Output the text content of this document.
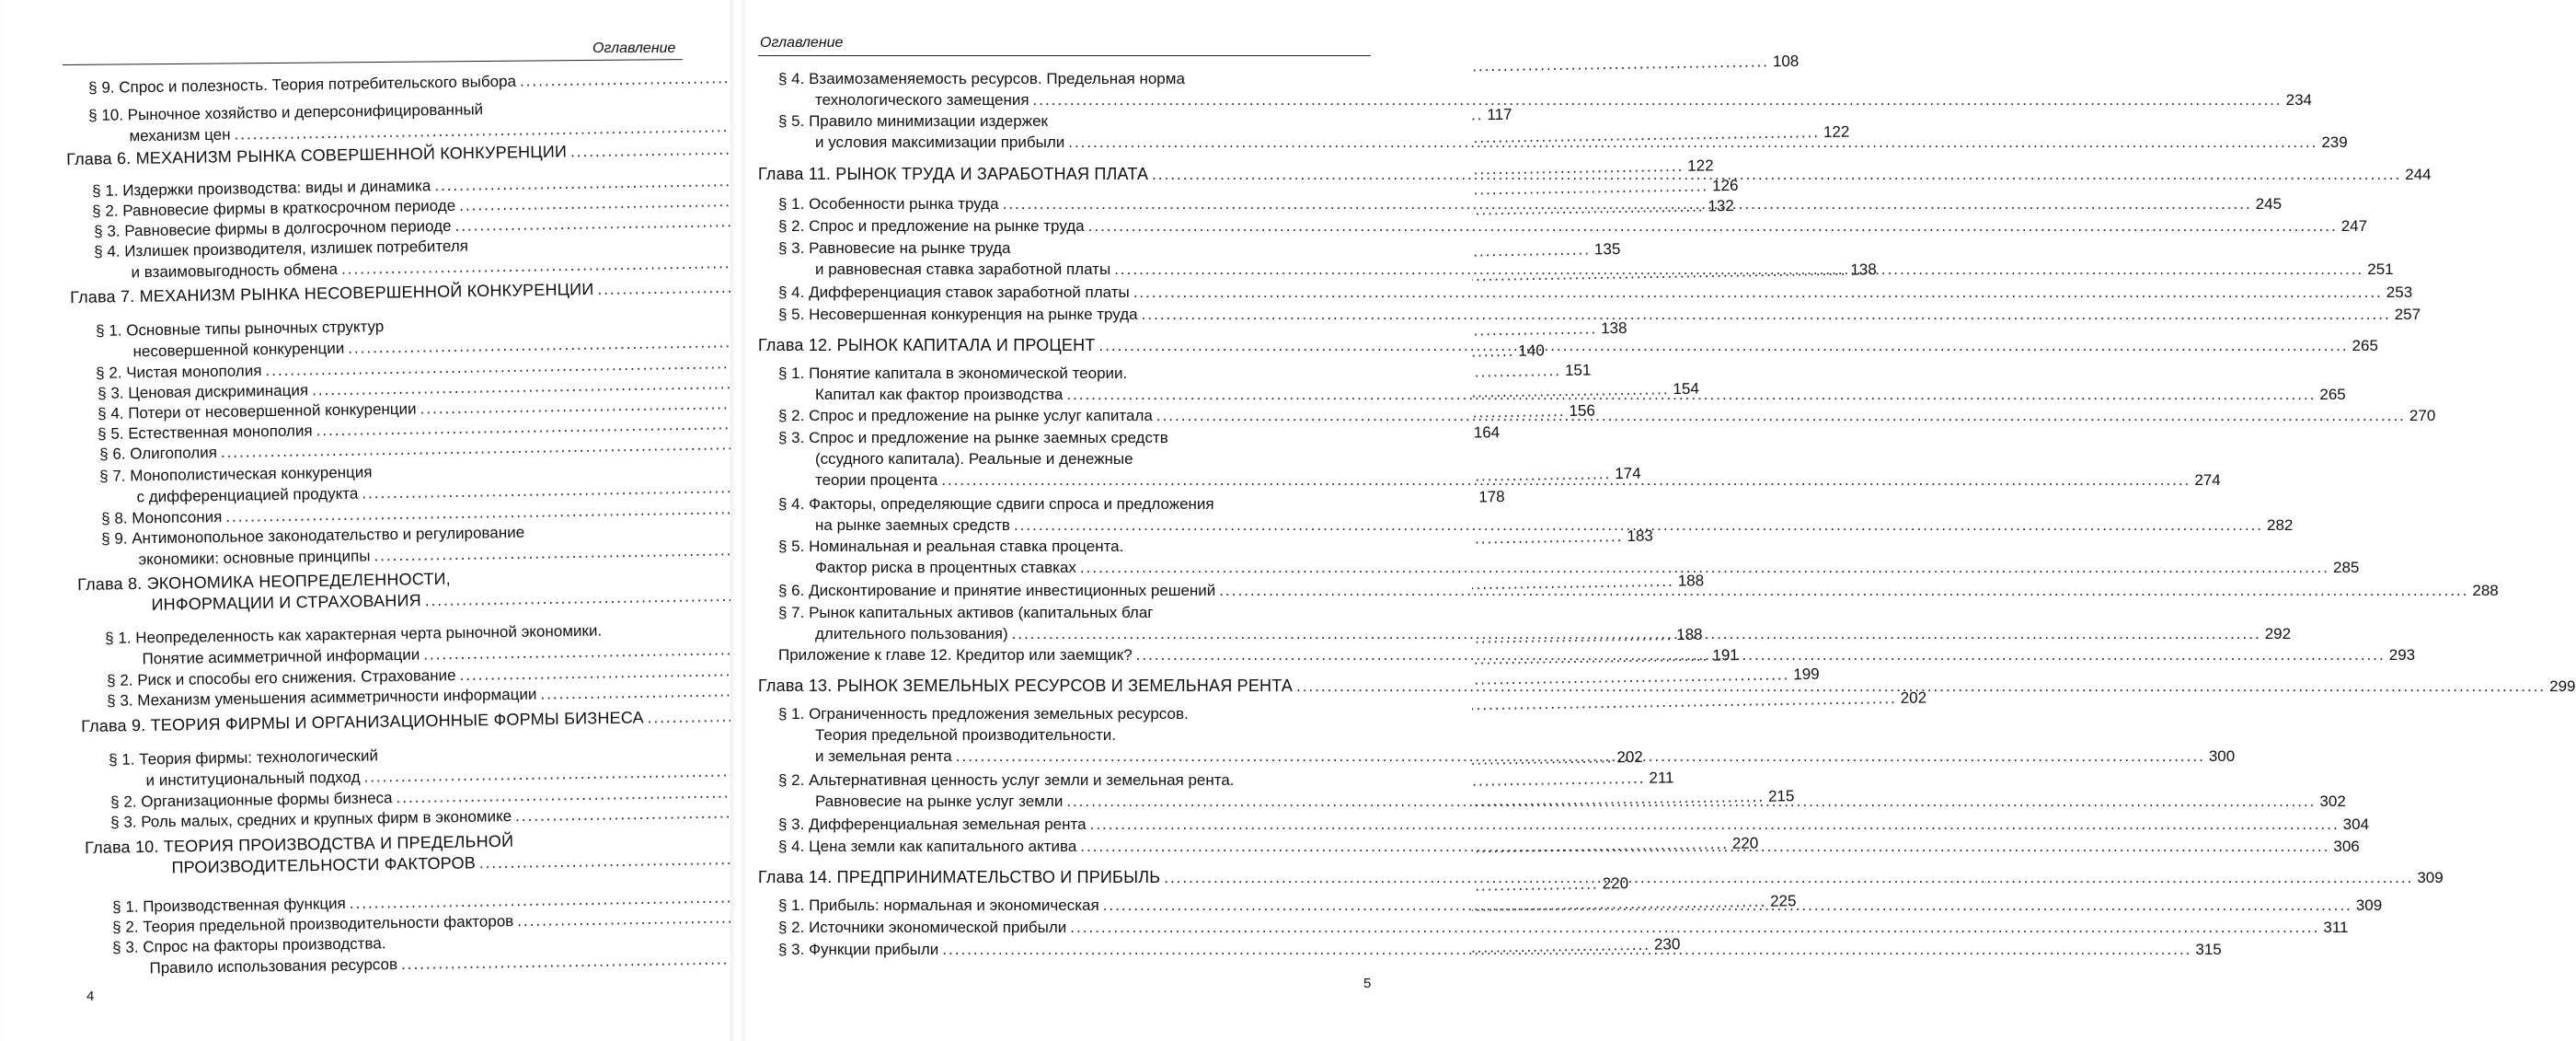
Оглавление
§ 9. Спрос и полезность. Теория потребительского выбора..... 108
§ 10. Рыночное хозяйство и деперсонифицированный
механизм цен..... 117
Глава 6. МЕХАНИЗМ РЫНКА СОВЕРШЕННОЙ КОНКУРЕНЦИИ..... 122
§ 1. Издержки производства: виды и динамика..... 122
§ 2. Равновесие фирмы в краткосрочном периоде..... 126
§ 3. Равновесие фирмы в долгосрочном периоде..... 132
§ 4. Излишек производителя, излишек потребителя
и взаимовыгодность обмена..... 135
Глава 7. МЕХАНИЗМ РЫНКА НЕСОВЕРШЕННОЙ КОНКУРЕНЦИИ..... 138
§ 1. Основные типы рыночных структур
несовершенной конкуренции..... 138
§ 2. Чистая монополия..... 140
§ 3. Ценовая дискриминация..... 151
§ 4. Потери от несовершенной конкуренции..... 154
§ 5. Естественная монополия..... 156
§ 6. Олигополия..... 164
§ 7. Монополистическая конкуренция
с дифференциацией продукта..... 174
§ 8. Монопсония..... 178
§ 9. Антимонопольное законодательство и регулирование
экономики: основные принципы..... 183
Глава 8. ЭКОНОМИКА НЕОПРЕДЕЛЕННОСТИ,
ИНФОРМАЦИИ И СТРАХОВАНИЯ..... 188
§ 1. Неопределенность как характерная черта рыночной экономики.
Понятие асимметричной информации..... 188
§ 2. Риск и способы его снижения. Страхование..... 191
§ 3. Механизм уменьшения асимметричности информации..... 199
Глава 9. ТЕОРИЯ ФИРМЫ И ОРГАНИЗАЦИОННЫЕ ФОРМЫ БИЗНЕСА..... 202
§ 1. Теория фирмы: технологический
и институциональный подход..... 202
§ 2. Организационные формы бизнеса..... 211
§ 3. Роль малых, средних и крупных фирм в экономике..... 215
Глава 10. ТЕОРИЯ ПРОИЗВОДСТВА И ПРЕДЕЛЬНОЙ
ПРОИЗВОДИТЕЛЬНОСТИ ФАКТОРОВ..... 220
§ 1. Производственная функция..... 220
§ 2. Теория предельной производительности факторов..... 225
§ 3. Спрос на факторы производства.
Правило использования ресурсов..... 230
4
Оглавление
§ 4. Взаимозаменяемость ресурсов. Предельная норма
технологического замещения .....	234
§ 5. Правило минимизации издержек
и условия максимизации прибыли .....	239
Глава 11. РЫНОК ТРУДА И ЗАРАБОТНАЯ ПЛАТА .....	244
§ 1. Особенности рынка труда .....	245
§ 2. Спрос и предложение на рынке труда .....	247
§ 3. Равновесие на рынке труда
и равновесная ставка заработной платы .....	251
§ 4. Дифференциация ставок заработной платы .....	253
§ 5. Несовершенная конкуренция на рынке труда .....	257
Глава 12. РЫНОК КАПИТАЛА И ПРОЦЕНТ .....	265
§ 1. Понятие капитала в экономической теории.
Капитал как фактор производства .....	265
§ 2. Спрос и предложение на рынке услуг капитала .....	270
§ 3. Спрос и предложение на рынке заемных средств
(ссудного капитала). Реальные и денежные
теории процента .....	274
§ 4. Факторы, определяющие сдвиги спроса и предложения
на рынке заемных средств .....	282
§ 5. Номинальная и реальная ставка процента.
Фактор риска в процентных ставках .....	285
§ 6. Дисконтирование и принятие инвестиционных решений .....	288
§ 7. Рынок капитальных активов (капитальных благ
длительного пользования) .....	292
Приложение к главе 12. Кредитор или заемщик? .....	293
Глава 13. РЫНОК ЗЕМЕЛЬНЫХ РЕСУРСОВ И ЗЕМЕЛЬНАЯ РЕНТА .....	299
§ 1. Ограниченность предложения земельных ресурсов.
Теория предельной производительности.
и земельная рента .....	300
§ 2. Альтернативная ценность услуг земли и земельная рента.
Равновесие на рынке услуг земли .....	302
§ 3. Дифференциальная земельная рента .....	304
§ 4. Цена земли как капитального актива .....	306
Глава 14. ПРЕДПРИНИМАТЕЛЬСТВО И ПРИБЫЛЬ .....	309
§ 1. Прибыль: нормальная и экономическая .....	309
§ 2. Источники экономической прибыли .....	311
§ 3. Функции прибыли .....	315
5
